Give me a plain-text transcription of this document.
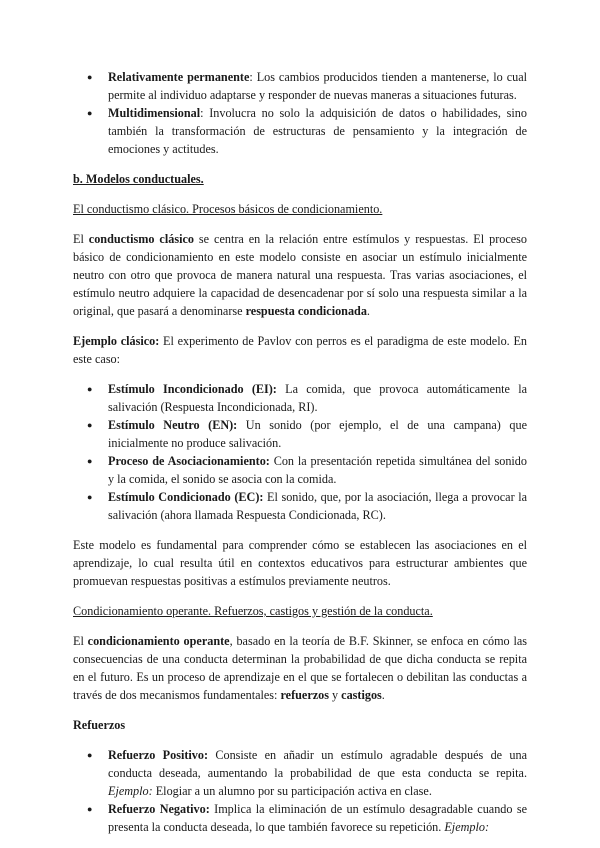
● Relativamente permanente: Los cambios producidos tienden a mantenerse, lo cual permite al individuo adaptarse y responder de nuevas maneras a situaciones futuras.
● Multidimensional: Involucra no solo la adquisición de datos o habilidades, sino también la transformación de estructuras de pensamiento y la integración de emociones y actitudes.

b. Modelos conductuales.

El conductismo clásico. Procesos básicos de condicionamiento.

El conductismo clásico se centra en la relación entre estímulos y respuestas. El proceso básico de condicionamiento en este modelo consiste en asociar un estímulo inicialmente neutro con otro que provoca de manera natural una respuesta. Tras varias asociaciones, el estímulo neutro adquiere la capacidad de desencadenar por sí solo una respuesta similar a la original, que pasará a denominarse respuesta condicionada.

Ejemplo clásico: El experimento de Pavlov con perros es el paradigma de este modelo. En este caso:

● Estímulo Incondicionado (EI): La comida, que provoca automáticamente la salivación (Respuesta Incondicionada, RI).
● Estímulo Neutro (EN): Un sonido (por ejemplo, el de una campana) que inicialmente no produce salivación.
● Proceso de Asociacionamiento: Con la presentación repetida simultánea del sonido y la comida, el sonido se asocia con la comida.
● Estímulo Condicionado (EC): El sonido, que, por la asociación, llega a provocar la salivación (ahora llamada Respuesta Condicionada, RC).

Este modelo es fundamental para comprender cómo se establecen las asociaciones en el aprendizaje, lo cual resulta útil en contextos educativos para estructurar ambientes que promuevan respuestas positivas a estímulos previamente neutros.

Condicionamiento operante. Refuerzos, castigos y gestión de la conducta.

El condicionamiento operante, basado en la teoría de B.F. Skinner, se enfoca en cómo las consecuencias de una conducta determinan la probabilidad de que dicha conducta se repita en el futuro. Es un proceso de aprendizaje en el que se fortalecen o debilitan las conductas a través de dos mecanismos fundamentales: refuerzos y castigos.

Refuerzos

● Refuerzo Positivo: Consiste en añadir un estímulo agradable después de una conducta deseada, aumentando la probabilidad de que esta conducta se repita. Ejemplo: Elogiar a un alumno por su participación activa en clase.
● Refuerzo Negativo: Implica la eliminación de un estímulo desagradable cuando se presenta la conducta deseada, lo que también favorece su repetición. Ejemplo:
